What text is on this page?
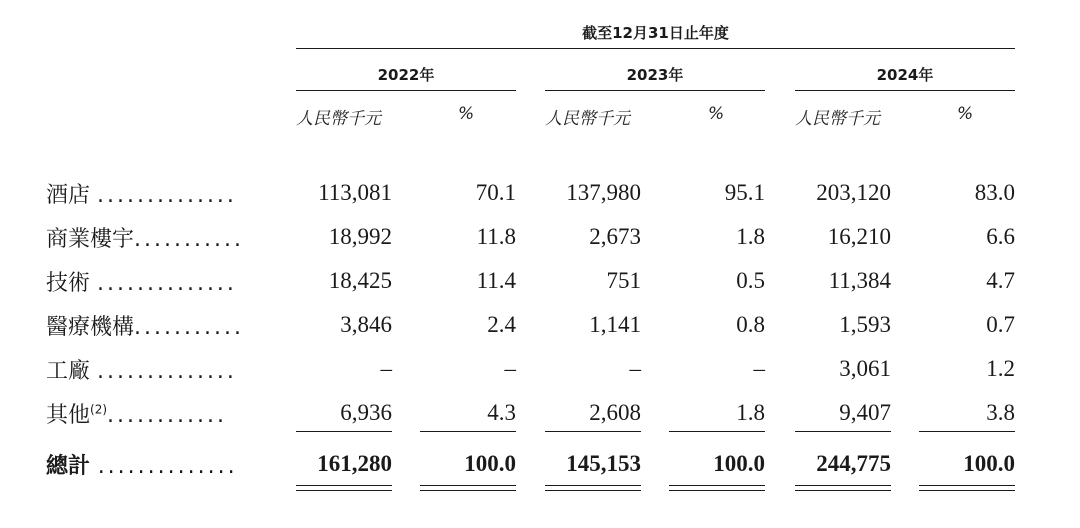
截至12月31日止年度
2022年	2023年	2024年
人民幣千元	%	人民幣千元	%	人民幣千元	%
酒店 ..............	113,081	70.1	137,980	95.1	203,120	83.0
商業樓宇...........	18,992	11.8	2,673	1.8	16,210	6.6
技術 ..............	18,425	11.4	751	0.5	11,384	4.7
醫療機構...........	3,846	2.4	1,141	0.8	1,593	0.7
工廠 ..............	–	–	–	–	3,061	1.2
其他$^{(2)}$............	6,936	4.3	2,608	1.8	9,407	3.8
總計 ..............	161,280	100.0	145,153	100.0	244,775	100.0
